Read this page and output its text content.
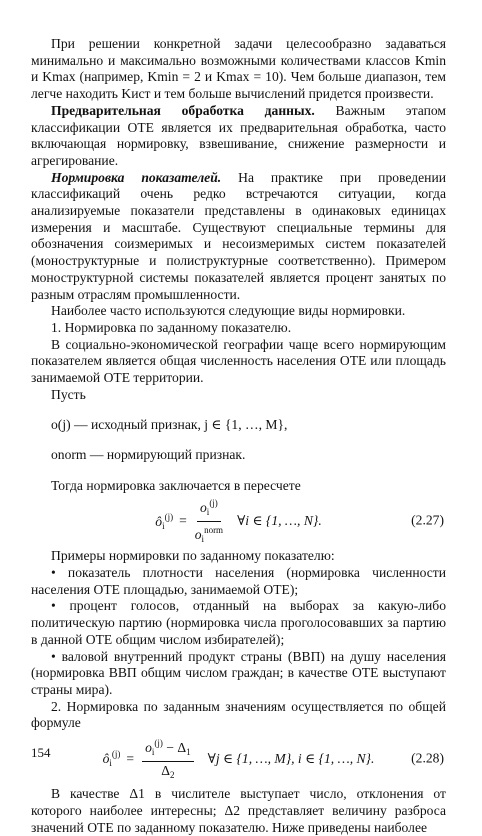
При решении конкретной задачи целесообразно задаваться минимально и максимально возможными количествами классов Kmin и Kmax (например, Kmin = 2 и Kmax = 10). Чем больше диапазон, тем легче находить Kист и тем больше вычислений придется произвести.

Предварительная обработка данных. Важным этапом классификации ОТЕ является их предварительная обработка, часто включающая нормировку, взвешивание, снижение размерности и агрегирование.

Нормировка показателей. На практике при проведении классификаций очень редко встречаются ситуации, когда анализируемые показатели представлены в одинаковых единицах измерения и масштабе. Существуют специальные термины для обозначения соизмеримых и несоизмеримых систем показателей (моноструктурные и полиструктурные соответственно). Примером моноструктурной системы показателей является процент занятых по разным отраслям промышленности.

Наиболее часто используются следующие виды нормировки.

1. Нормировка по заданному показателю.

В социально-экономической географии чаще всего нормирующим показателем является общая численность населения ОТЕ или площадь занимаемой ОТЕ территории.

Пусть

o(j) — исходный признак, j ∈ {1, …, M},

onorm — нормирующий признак.

Тогда нормировка заключается в пересчете

$ô_i^{(j)} = \frac{o_i^{(j)}}{o_i^{norm}}$ ∀i ∈ {1, …, N}.	(2.27)

Примеры нормировки по заданному показателю:

• показатель плотности населения (нормировка численности населения ОТЕ площадью, занимаемой ОТЕ);

• процент голосов, отданный на выборах за какую-либо политическую партию (нормировка числа проголосовавших за партию в данной ОТЕ общим числом избирателей);

• валовой внутренний продукт страны (ВВП) на душу населения (нормировка ВВП общим числом граждан; в качестве ОТЕ выступают страны мира).

2. Нормировка по заданным значениям осуществляется по общей формуле

$ô_i^{(j)} = \frac{o_i^{(j)} - \Delta_1}{\Delta_2}$ ∀j ∈ {1, …, M}, i ∈ {1, …, N}.	(2.28)

В качестве Δ1 в числителе выступает число, отклонения от которого наиболее интересны; Δ2 представляет величину разброса значений ОТЕ по заданному показателю. Ниже приведены наиболее

154
